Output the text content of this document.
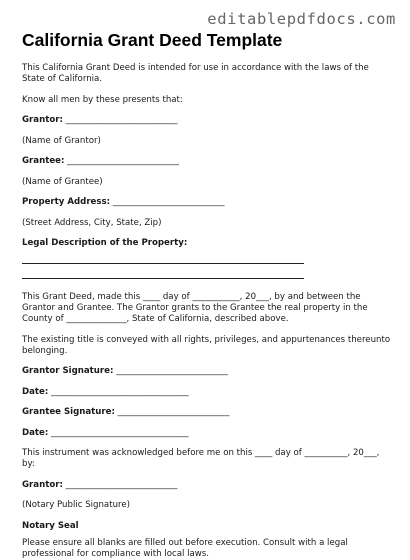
editablepdfdocs.com
California Grant Deed Template

This California Grant Deed is intended for use in accordance with the laws of the State of California.

Know all men by these presents that:

Grantor: __________________________

(Name of Grantor)

Grantee: __________________________

(Name of Grantee)

Property Address: __________________________

(Street Address, City, State, Zip)

Legal Description of the Property:

This Grant Deed, made this ____ day of ___________, 20___, by and between the Grantor and Grantee. The Grantor grants to the Grantee the real property in the County of ______________, State of California, described above.

The existing title is conveyed with all rights, privileges, and appurtenances thereunto belonging.

Grantor Signature: __________________________

Date: ________________________________

Grantee Signature: __________________________

Date: ________________________________

This instrument was acknowledged before me on this ____ day of __________, 20___, by:

Grantor: __________________________

(Notary Public Signature)

Notary Seal

Please ensure all blanks are filled out before execution. Consult with a legal professional for compliance with local laws.
